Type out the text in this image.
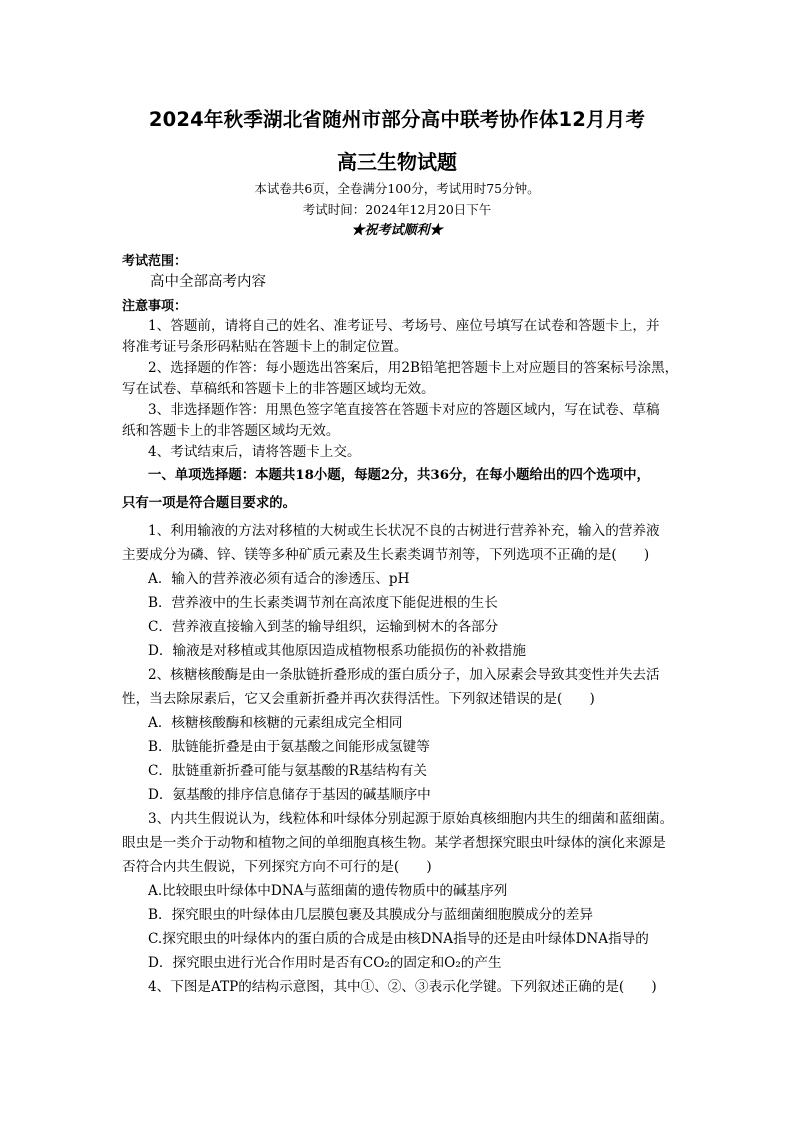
2024年秋季湖北省随州市部分高中联考协作体12月月考
高三生物试题
本试卷共6页，全卷满分100分，考试用时75分钟。
考试时间：2024年12月20日下午
★祝考试顺利★
考试范围：
高中全部高考内容
注意事项：
1、答题前，请将自己的姓名、准考证号、考场号、座位号填写在试卷和答题卡上，并
将准考证号条形码粘贴在答题卡上的制定位置。
2、选择题的作答：每小题选出答案后，用2B铅笔把答题卡上对应题目的答案标号涂黑，
写在试卷、草稿纸和答题卡上的非答题区域均无效。
3、非选择题作答：用黑色签字笔直接答在答题卡对应的答题区域内，写在试卷、草稿
纸和答题卡上的非答题区域均无效。
4、考试结束后，请将答题卡上交。
一、单项选择题：本题共18小题，每题2分，共36分，在每小题给出的四个选项中，
只有一项是符合题目要求的。
1、利用输液的方法对移植的大树或生长状况不良的古树进行营养补充，输入的营养液
主要成分为磷、锌、镁等多种矿质元素及生长素类调节剂等，下列选项不正确的是(　　)
A．输入的营养液必须有适合的渗透压、pH
B．营养液中的生长素类调节剂在高浓度下能促进根的生长
C．营养液直接输入到茎的输导组织，运输到树木的各部分
D．输液是对移植或其他原因造成植物根系功能损伤的补救措施
2、核糖核酸酶是由一条肽链折叠形成的蛋白质分子，加入尿素会导致其变性并失去活
性，当去除尿素后，它又会重新折叠并再次获得活性。下列叙述错误的是(　　)
A．核糖核酸酶和核糖的元素组成完全相同
B．肽链能折叠是由于氨基酸之间能形成氢键等
C．肽链重新折叠可能与氨基酸的R基结构有关
D．氨基酸的排序信息储存于基因的碱基顺序中
3、内共生假说认为，线粒体和叶绿体分别起源于原始真核细胞内共生的细菌和蓝细菌。
眼虫是一类介于动物和植物之间的单细胞真核生物。某学者想探究眼虫叶绿体的演化来源是
否符合内共生假说，下列探究方向不可行的是(　　)
A.比较眼虫叶绿体中DNA与蓝细菌的遗传物质中的碱基序列
B．探究眼虫的叶绿体由几层膜包裹及其膜成分与蓝细菌细胞膜成分的差异
C.探究眼虫的叶绿体内的蛋白质的合成是由核DNA指导的还是由叶绿体DNA指导的
D．探究眼虫进行光合作用时是否有CO₂的固定和O₂的产生
4、下图是ATP的结构示意图，其中①、②、③表示化学键。下列叙述正确的是(　　)
